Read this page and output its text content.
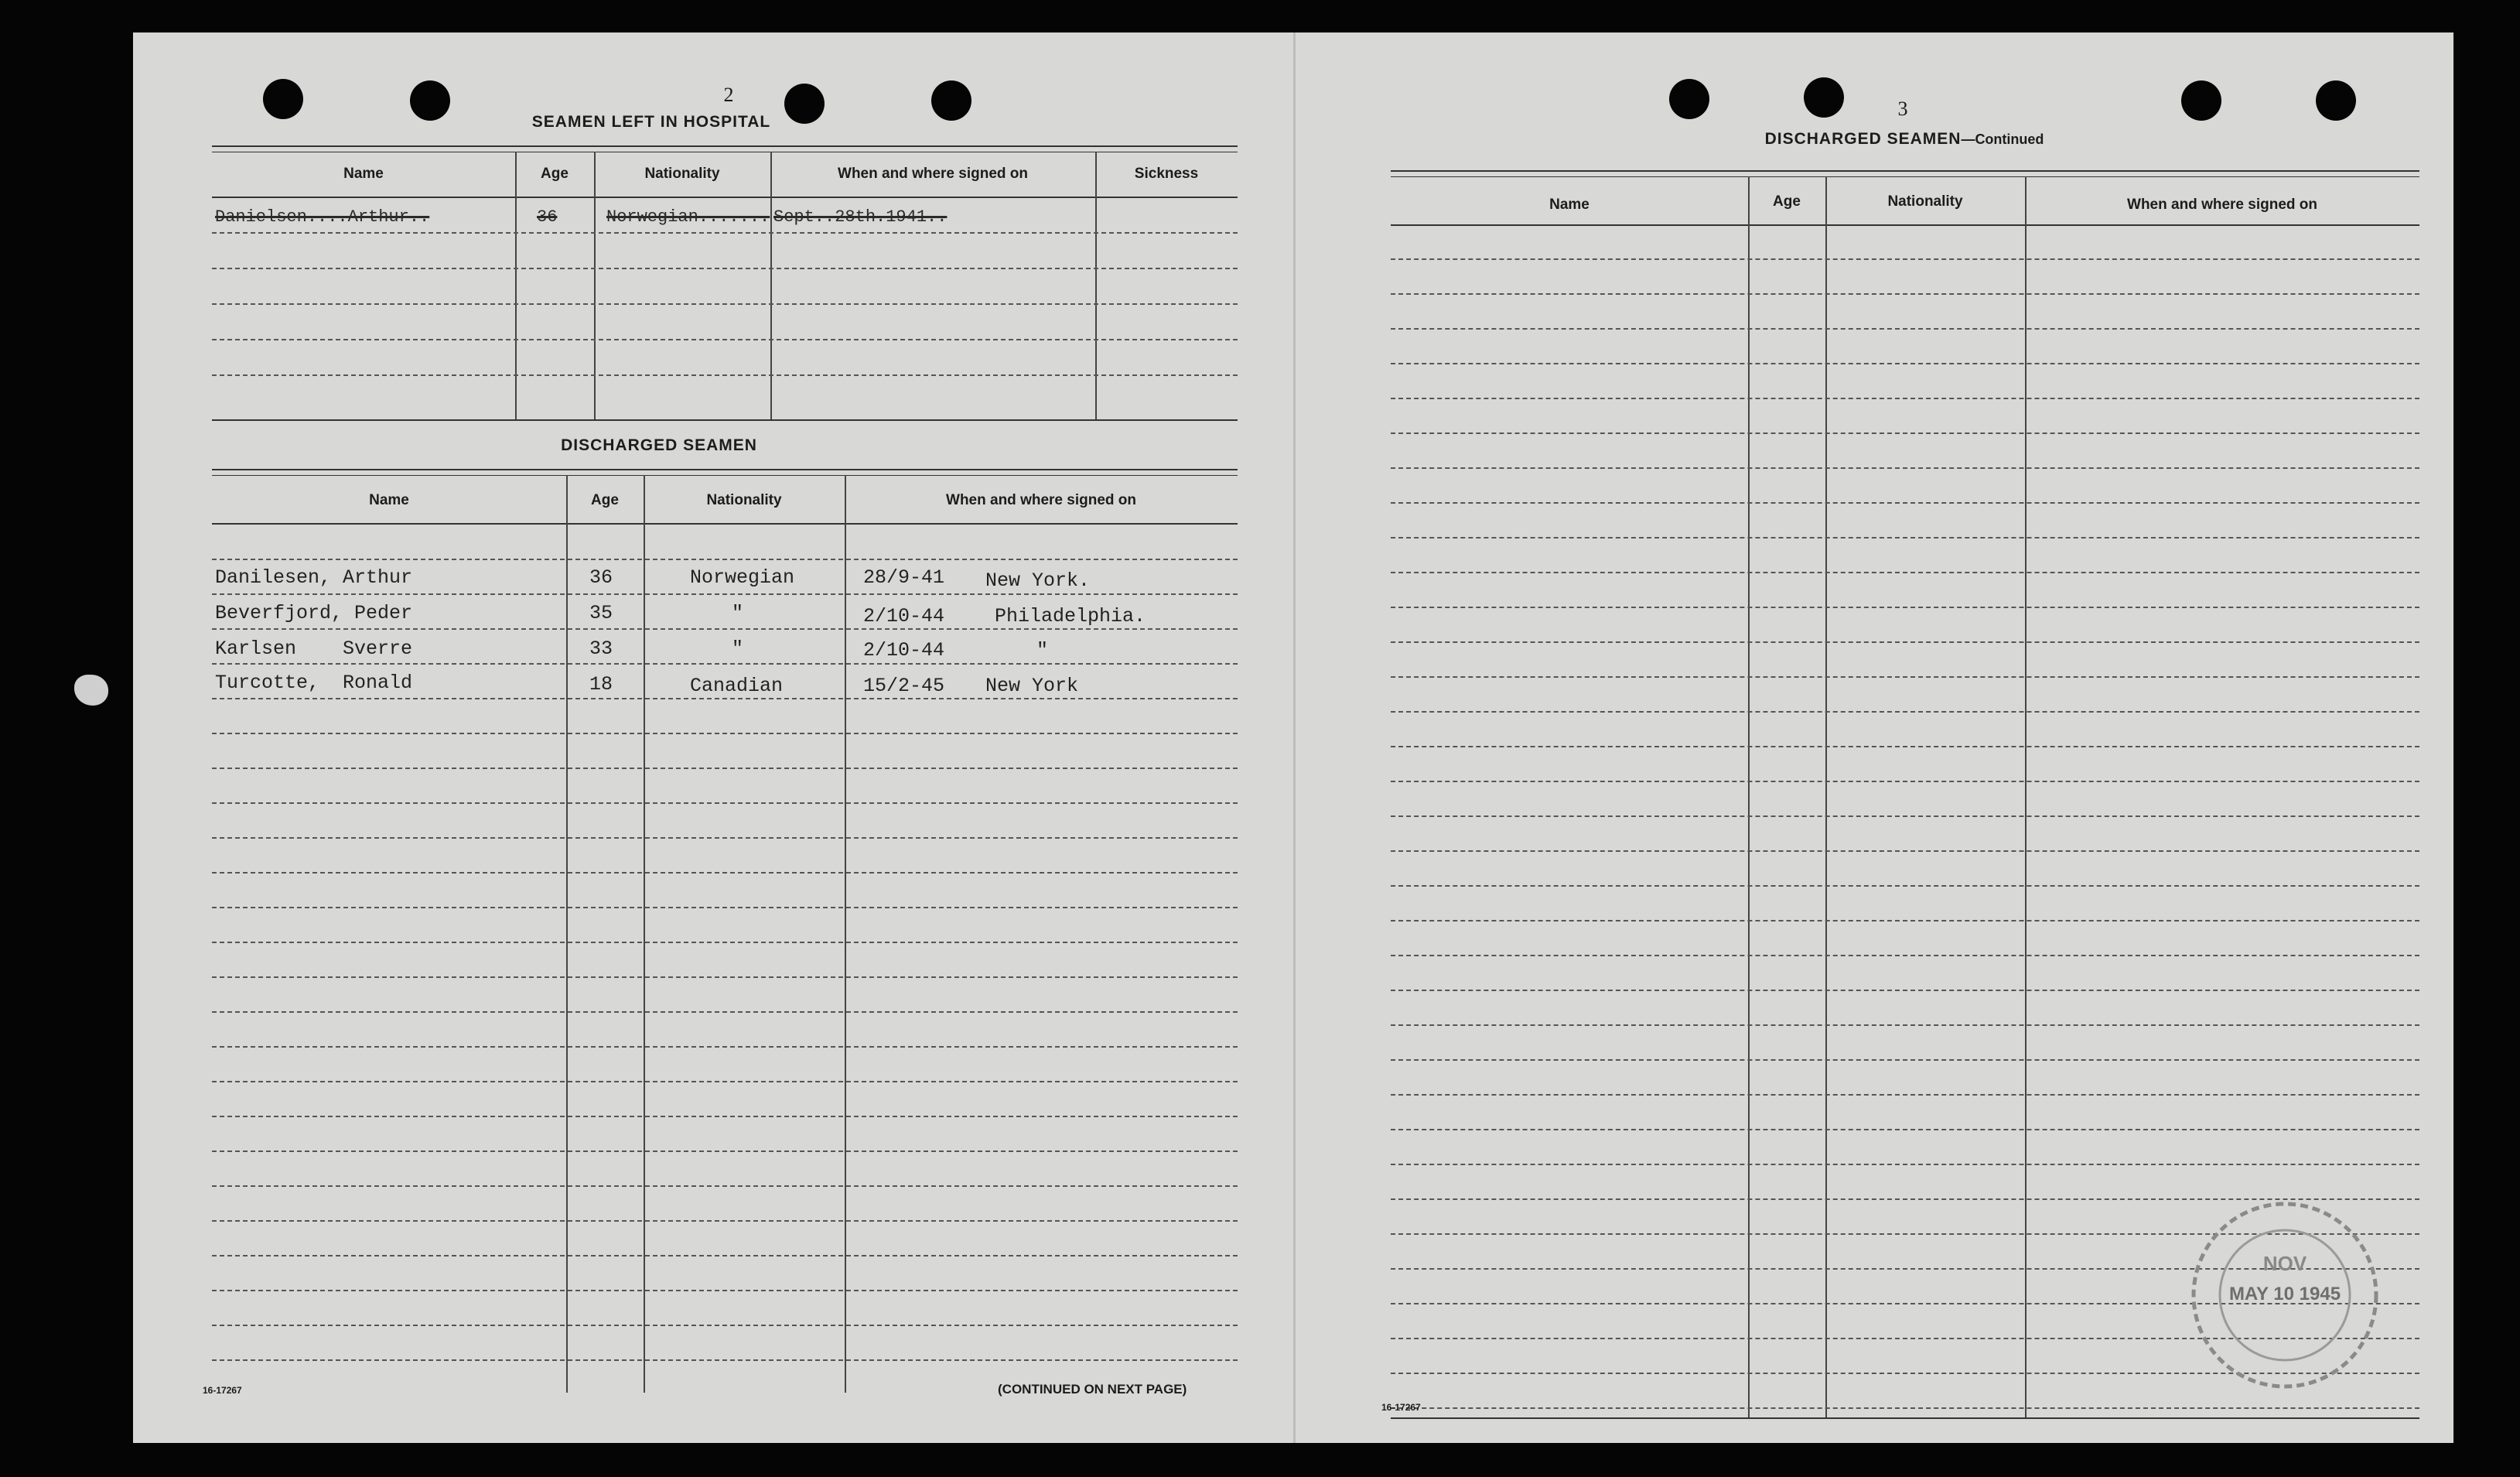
2
SEAMEN LEFT IN HOSPITAL
Name	Age	Nationality	When and where signed on	Sickness
Danielsen....Arthur..	36	Norwegian....... Sept..28th.1941..
DISCHARGED SEAMEN
Name	Age	Nationality	When and where signed on
Danilesen, Arthur	36	Norwegian	28/9-41 New York.
Beverfjord, Peder	35	"	2/10-44	Philadelphia.
Karlsen    Sverre	33	"	2/10-44	"
Turcotte,  Ronald	18	Canadian	15/2-45 New York
16-17267	(CONTINUED ON NEXT PAGE)
3
DISCHARGED SEAMEN—Continued
Name	Age	Nationality	When and where signed on
16-17267
NOV
MAY 10 1945
